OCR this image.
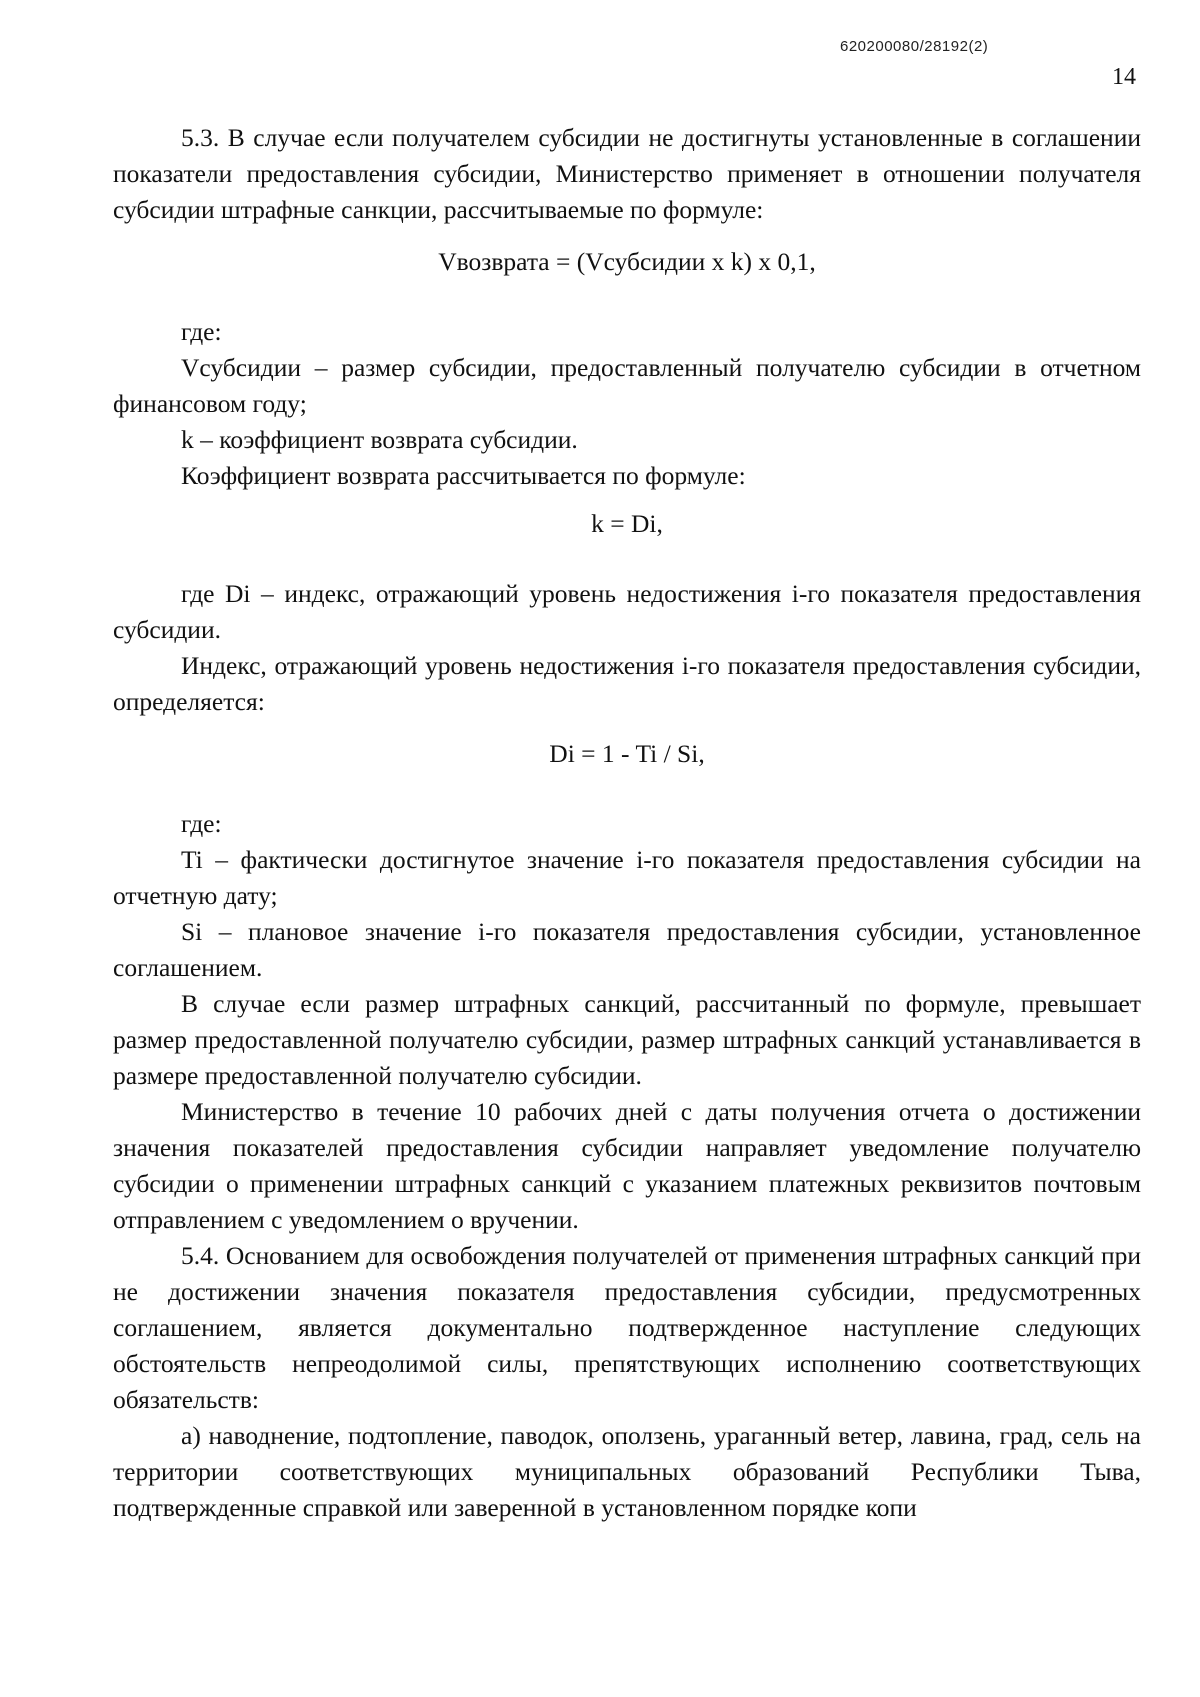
620200080/28192(2)
14

5.3. В случае если получателем субсидии не достигнуты установленные в соглашении показатели предоставления субсидии, Министерство применяет в отношении получателя субсидии штрафные санкции, рассчитываемые по формуле:

Vвозврата = (Vсубсидии x k) x 0,1,

где:

Vсубсидии – размер субсидии, предоставленный получателю субсидии в отчетном финансовом году;

k – коэффициент возврата субсидии.

Коэффициент возврата рассчитывается по формуле:

k = Di,

где Di – индекс, отражающий уровень недостижения i-го показателя предоставления субсидии.

Индекс, отражающий уровень недостижения i-го показателя предоставления субсидии, определяется:

Di = 1 - Ti / Si,

где:

Ti – фактически достигнутое значение i-го показателя предоставления субсидии на отчетную дату;

Si – плановое значение i-го показателя предоставления субсидии, установленное соглашением.

В случае если размер штрафных санкций, рассчитанный по формуле, превышает размер предоставленной получателю субсидии, размер штрафных санкций устанавливается в размере предоставленной получателю субсидии.

Министерство в течение 10 рабочих дней с даты получения отчета о достижении значения показателей предоставления субсидии направляет уведомление получателю субсидии о применении штрафных санкций с указанием платежных реквизитов почтовым отправлением с уведомлением о вручении.

5.4. Основанием для освобождения получателей от применения штрафных санкций при не достижении значения показателя предоставления субсидии, предусмотренных соглашением, является документально подтвержденное наступление следующих обстоятельств непреодолимой силы, препятствующих исполнению соответствующих обязательств:

а) наводнение, подтопление, паводок, оползень, ураганный ветер, лавина, град, сель на территории соответствующих муниципальных образований Республики Тыва, подтвержденные справкой или заверенной в установленном порядке копи
